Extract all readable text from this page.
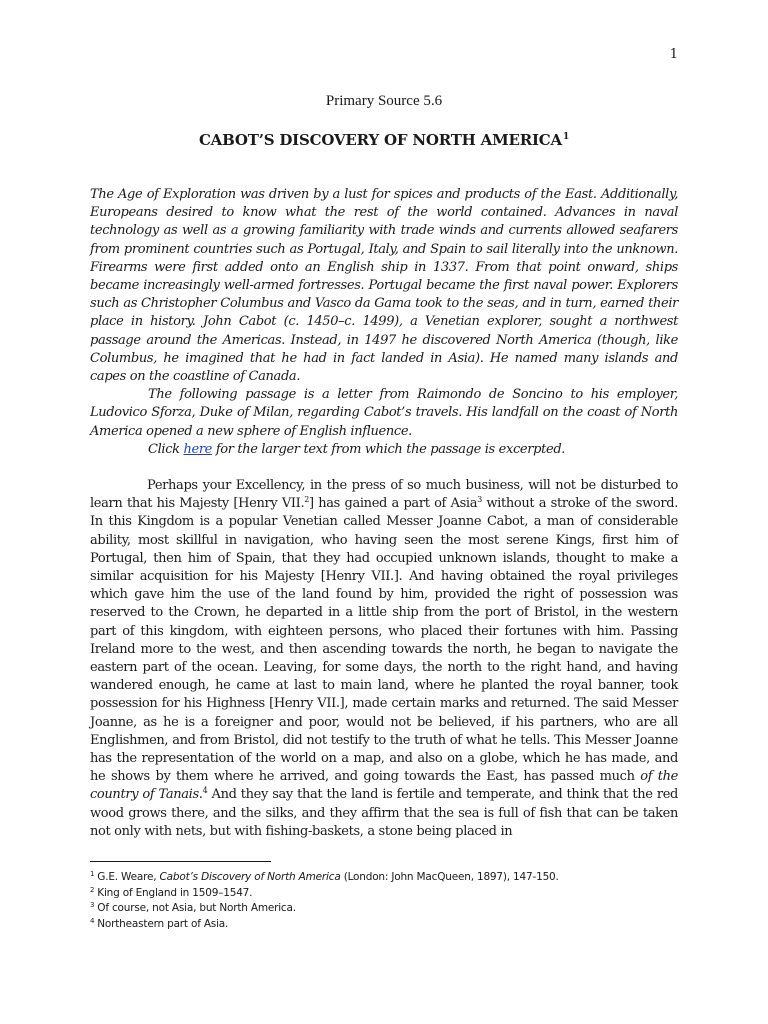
1
Primary Source 5.6
CABOT’S DISCOVERY OF NORTH AMERICA$^1$

The Age of Exploration was driven by a lust for spices and products of the East. Additionally, Europeans desired to know what the rest of the world contained. Advances in naval technology as well as a growing familiarity with trade winds and currents allowed seafarers from prominent countries such as Portugal, Italy, and Spain to sail literally into the unknown. Firearms were first added onto an English ship in 1337. From that point onward, ships became increasingly well-armed fortresses. Portugal became the first naval power. Explorers such as Christopher Columbus and Vasco da Gama took to the seas, and in turn, earned their place in history. John Cabot (c. 1450–c. 1499), a Venetian explorer, sought a northwest passage around the Americas. Instead, in 1497 he discovered North America (though, like Columbus, he imagined that he had in fact landed in Asia). He named many islands and capes on the coastline of Canada.

The following passage is a letter from Raimondo de Soncino to his employer, Ludovico Sforza, Duke of Milan, regarding Cabot’s travels. His landfall on the coast of North America opened a new sphere of English influence.

Click here for the larger text from which the passage is excerpted.

Perhaps your Excellency, in the press of so much business, will not be disturbed to learn that his Majesty [Henry VII.$^2$] has gained a part of Asia$^3$ without a stroke of the sword. In this Kingdom is a popular Venetian called Messer Joanne Cabot, a man of considerable ability, most skillful in navigation, who having seen the most serene Kings, first him of Portugal, then him of Spain, that they had occupied unknown islands, thought to make a similar acquisition for his Majesty [Henry VII.]. And having obtained the royal privileges which gave him the use of the land found by him, provided the right of possession was reserved to the Crown, he departed in a little ship from the port of Bristol, in the western part of this kingdom, with eighteen persons, who placed their fortunes with him. Passing Ireland more to the west, and then ascending towards the north, he began to navigate the eastern part of the ocean. Leaving, for some days, the north to the right hand, and having wandered enough, he came at last to main land, where he planted the royal banner, took possession for his Highness [Henry VII.], made certain marks and returned. The said Messer Joanne, as he is a foreigner and poor, would not be believed, if his partners, who are all Englishmen, and from Bristol, did not testify to the truth of what he tells. This Messer Joanne has the representation of the world on a map, and also on a globe, which he has made, and he shows by them where he arrived, and going towards the East, has passed much of the country of Tanais.$^4$ And they say that the land is fertile and temperate, and think that the red wood grows there, and the silks, and they affirm that the sea is full of fish that can be taken not only with nets, but with fishing-baskets, a stone being placed in

$^1$ G.E. Weare, Cabot’s Discovery of North America (London: John MacQueen, 1897), 147-150.
$^2$ King of England in 1509–1547.
$^3$ Of course, not Asia, but North America.
$^4$ Northeastern part of Asia.
